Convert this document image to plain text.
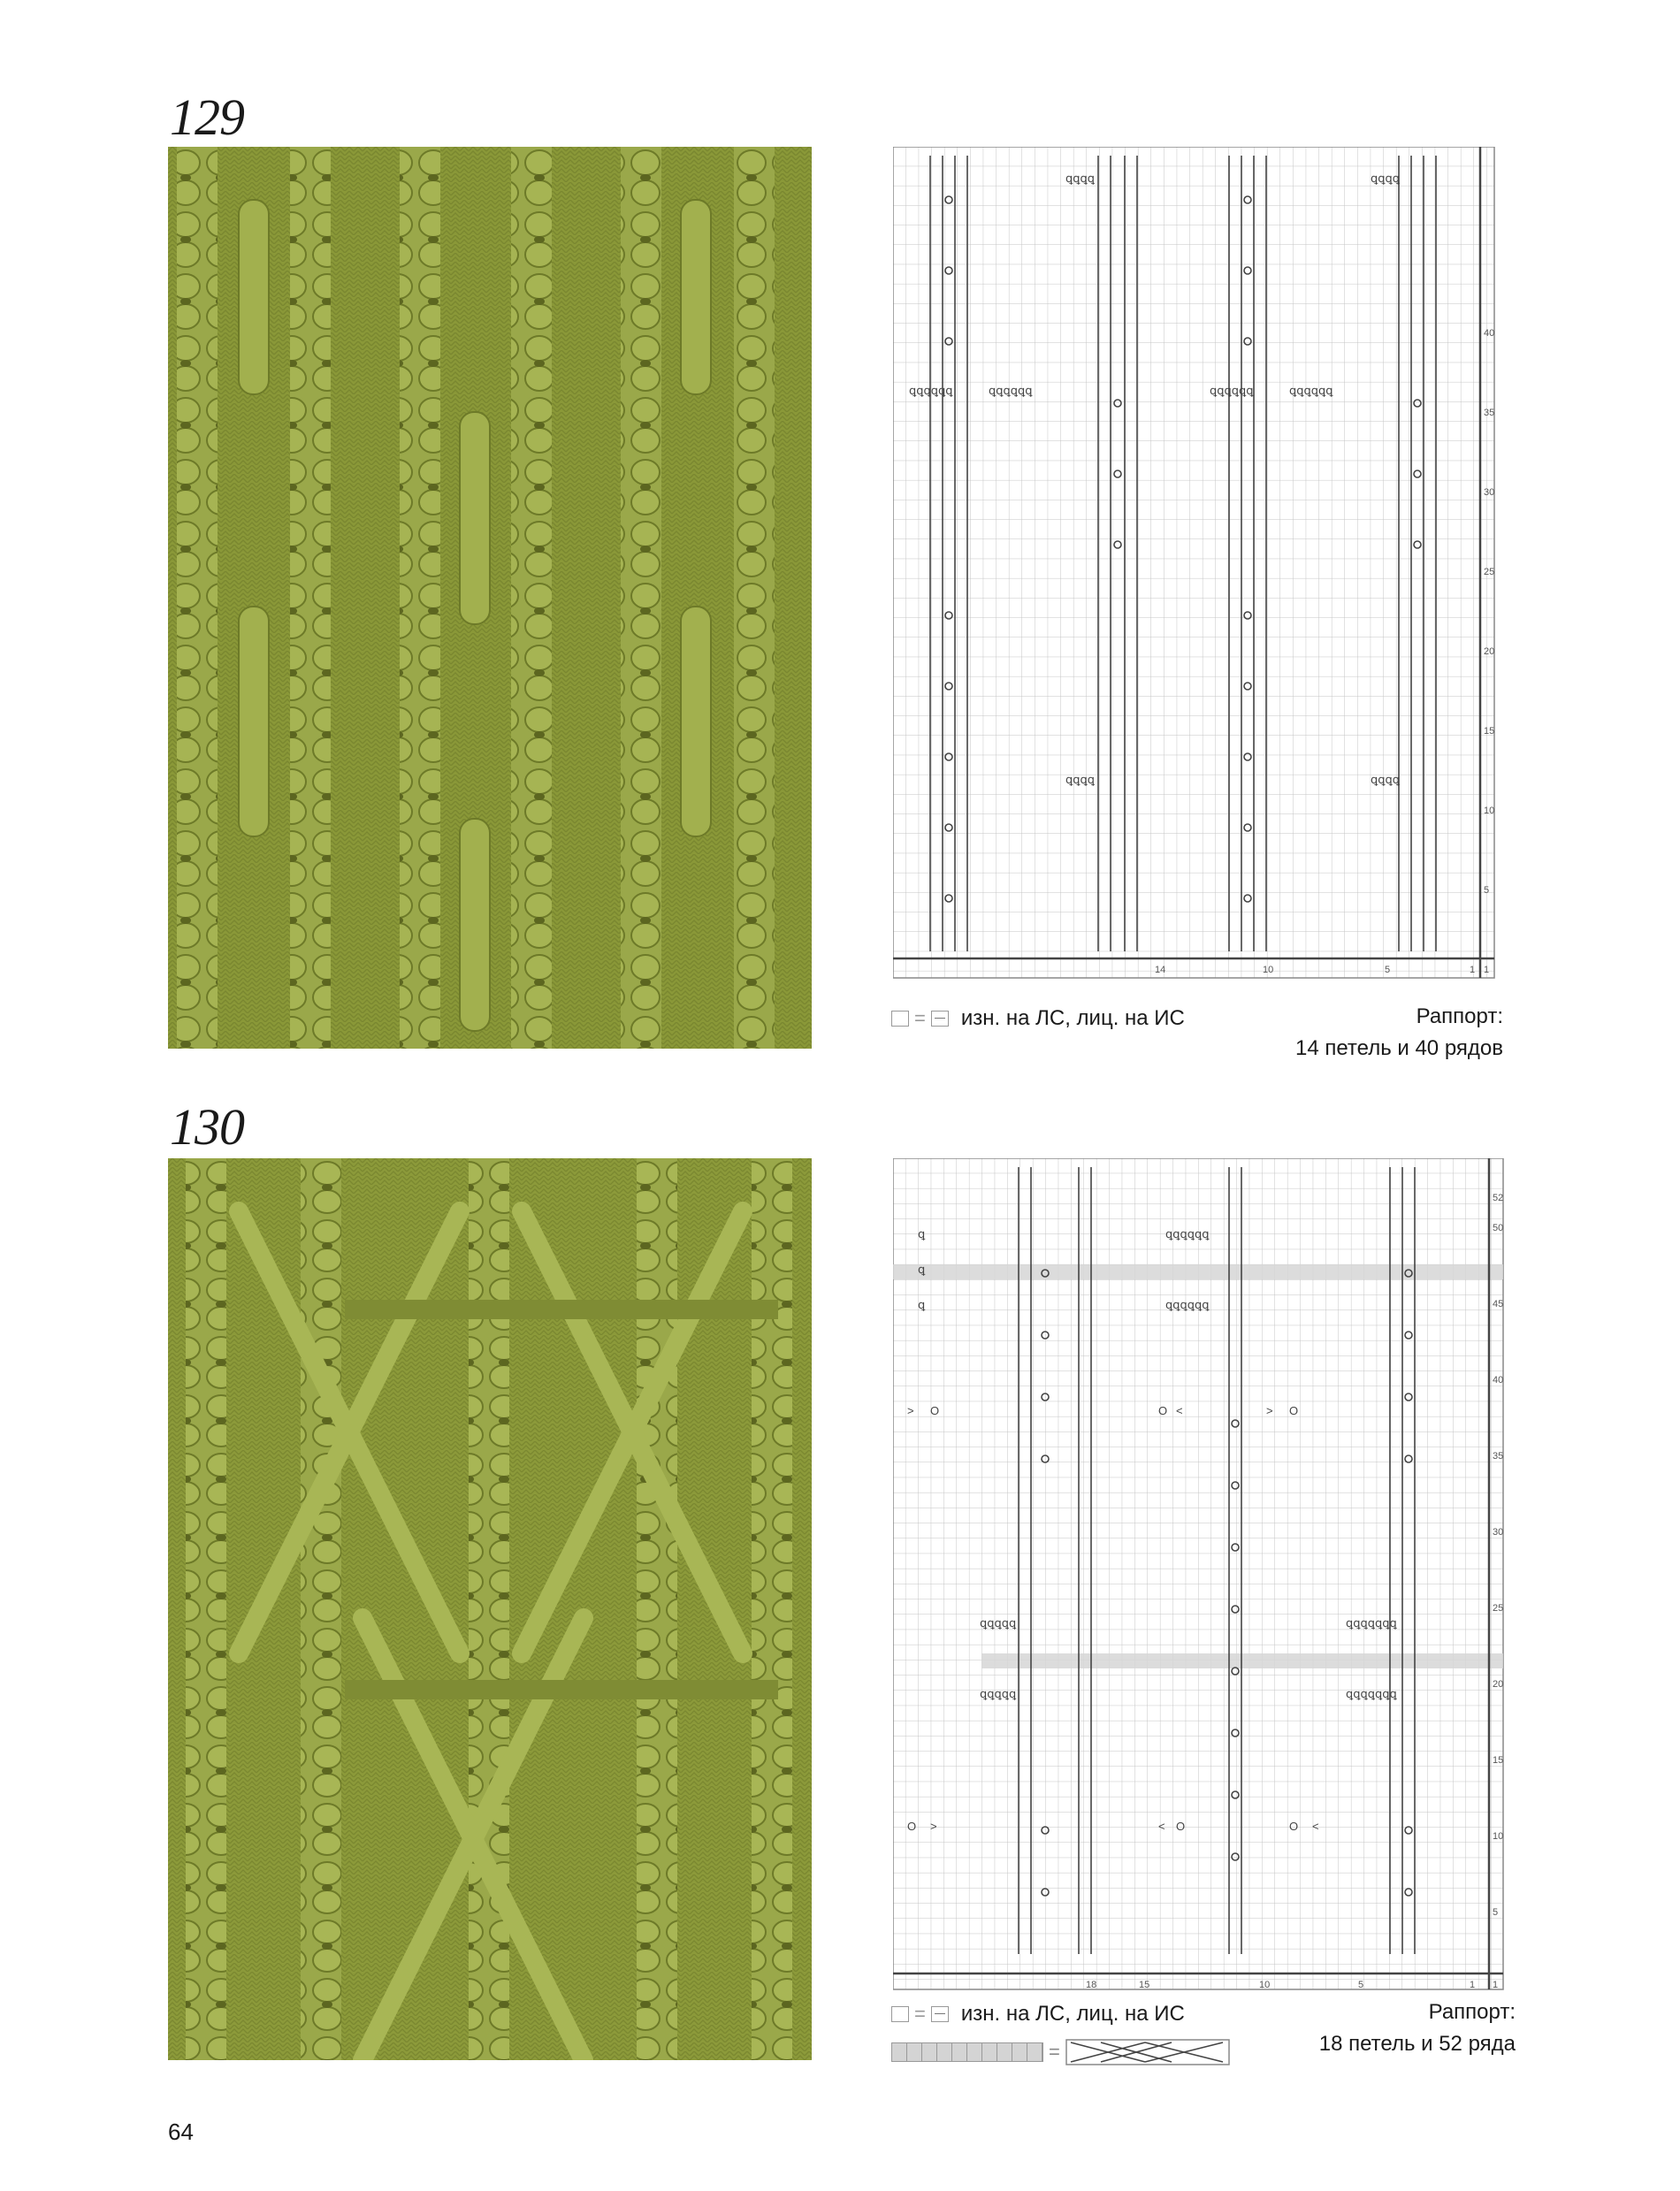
129
ꝗꝗꝗꝗꝗꝗ	ꝗꝗꝗꝗꝗꝗ	ꝗꝗꝗꝗꝗꝗ	ꝗꝗꝗꝗꝗꝗ
ꝗꝗꝗꝗ	ꝗꝗꝗꝗ
ꝗꝗꝗꝗ	ꝗꝗꝗꝗ
40
35
30
25
20
15
10
5
1
14	10	5	1
= изн. на ЛС, лиц. на ИС	Раппорт:
14 петель и 40 рядов
130
ꝗ
ꝗ
ꝗ
ꝗꝗꝗꝗꝗꝗ
ꝗꝗꝗꝗꝗꝗ
ꝗꝗꝗꝗꝗ
ꝗꝗꝗꝗꝗ
ꝗꝗꝗꝗꝗꝗꝗ
ꝗꝗꝗꝗꝗꝗꝗ
> O	O <	> O
O >	< O	O <
52
50
45
40
35
30
25
20
15
10
5
1
18	15	10	5	1
= изн. на ЛС, лиц. на ИС
=
Раппорт:
18 петель и 52 ряда
64
